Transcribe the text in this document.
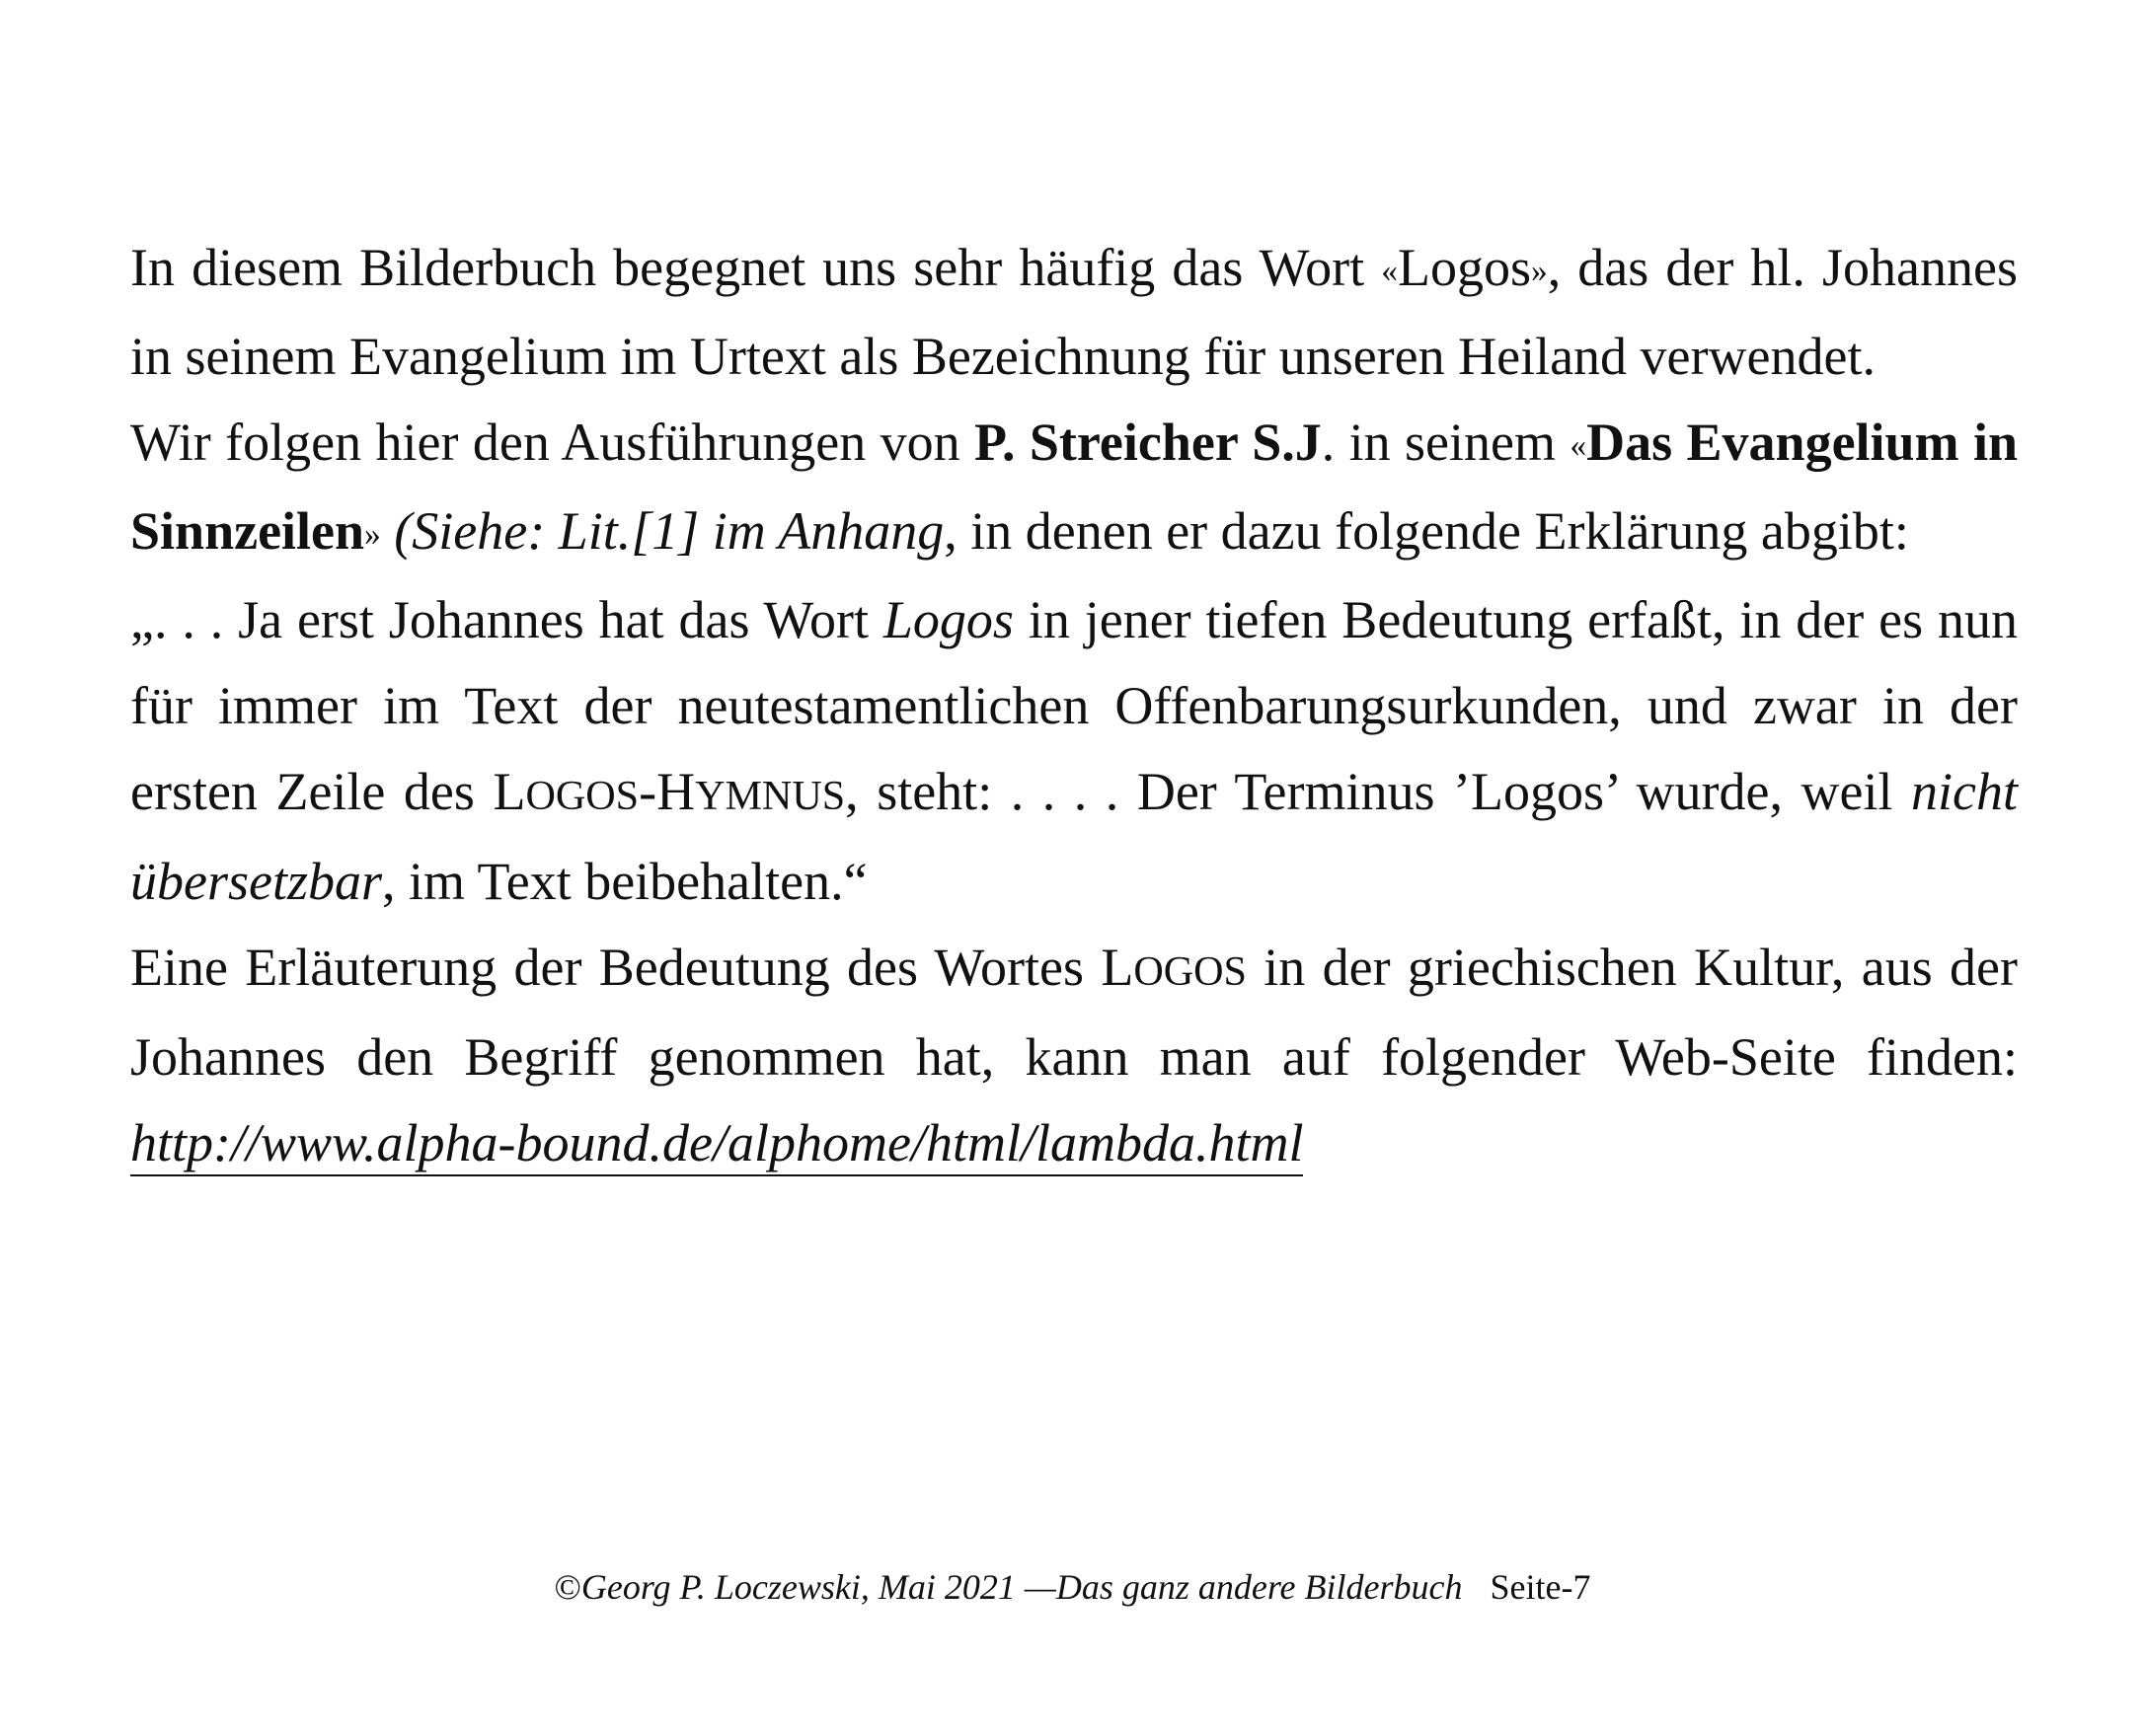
In diesem Bilderbuch begegnet uns sehr häufig das Wort «Logos», das der hl. Johannes in seinem Evangelium im Urtext als Bezeichnung für unseren Heiland verwendet.

Wir folgen hier den Ausführungen von P. Streicher S.J. in seinem «Das Evangelium in Sinnzeilen» (Siehe: Lit.[1] im Anhang, in denen er dazu folgende Erklärung abgibt:

„. . . Ja erst Johannes hat das Wort Logos in jener tiefen Bedeutung erfaßt, in der es nun für immer im Text der neutestamentlichen Offenbarungsurkunden, und zwar in der ersten Zeile des LOGOS-HYMNUS, steht: . . . . Der Terminus ’Logos’ wurde, weil nicht übersetzbar, im Text beibehalten.“

Eine Erläuterung der Bedeutung des Wortes LOGOS in der griechischen Kultur, aus der Johannes den Begriff genommen hat, kann man auf folgender Web-Seite finden: http://www.alpha-bound.de/alphome/html/lambda.html

©Georg P. Loczewski, Mai 2021 —Das ganz andere Bilderbuch Seite-7
